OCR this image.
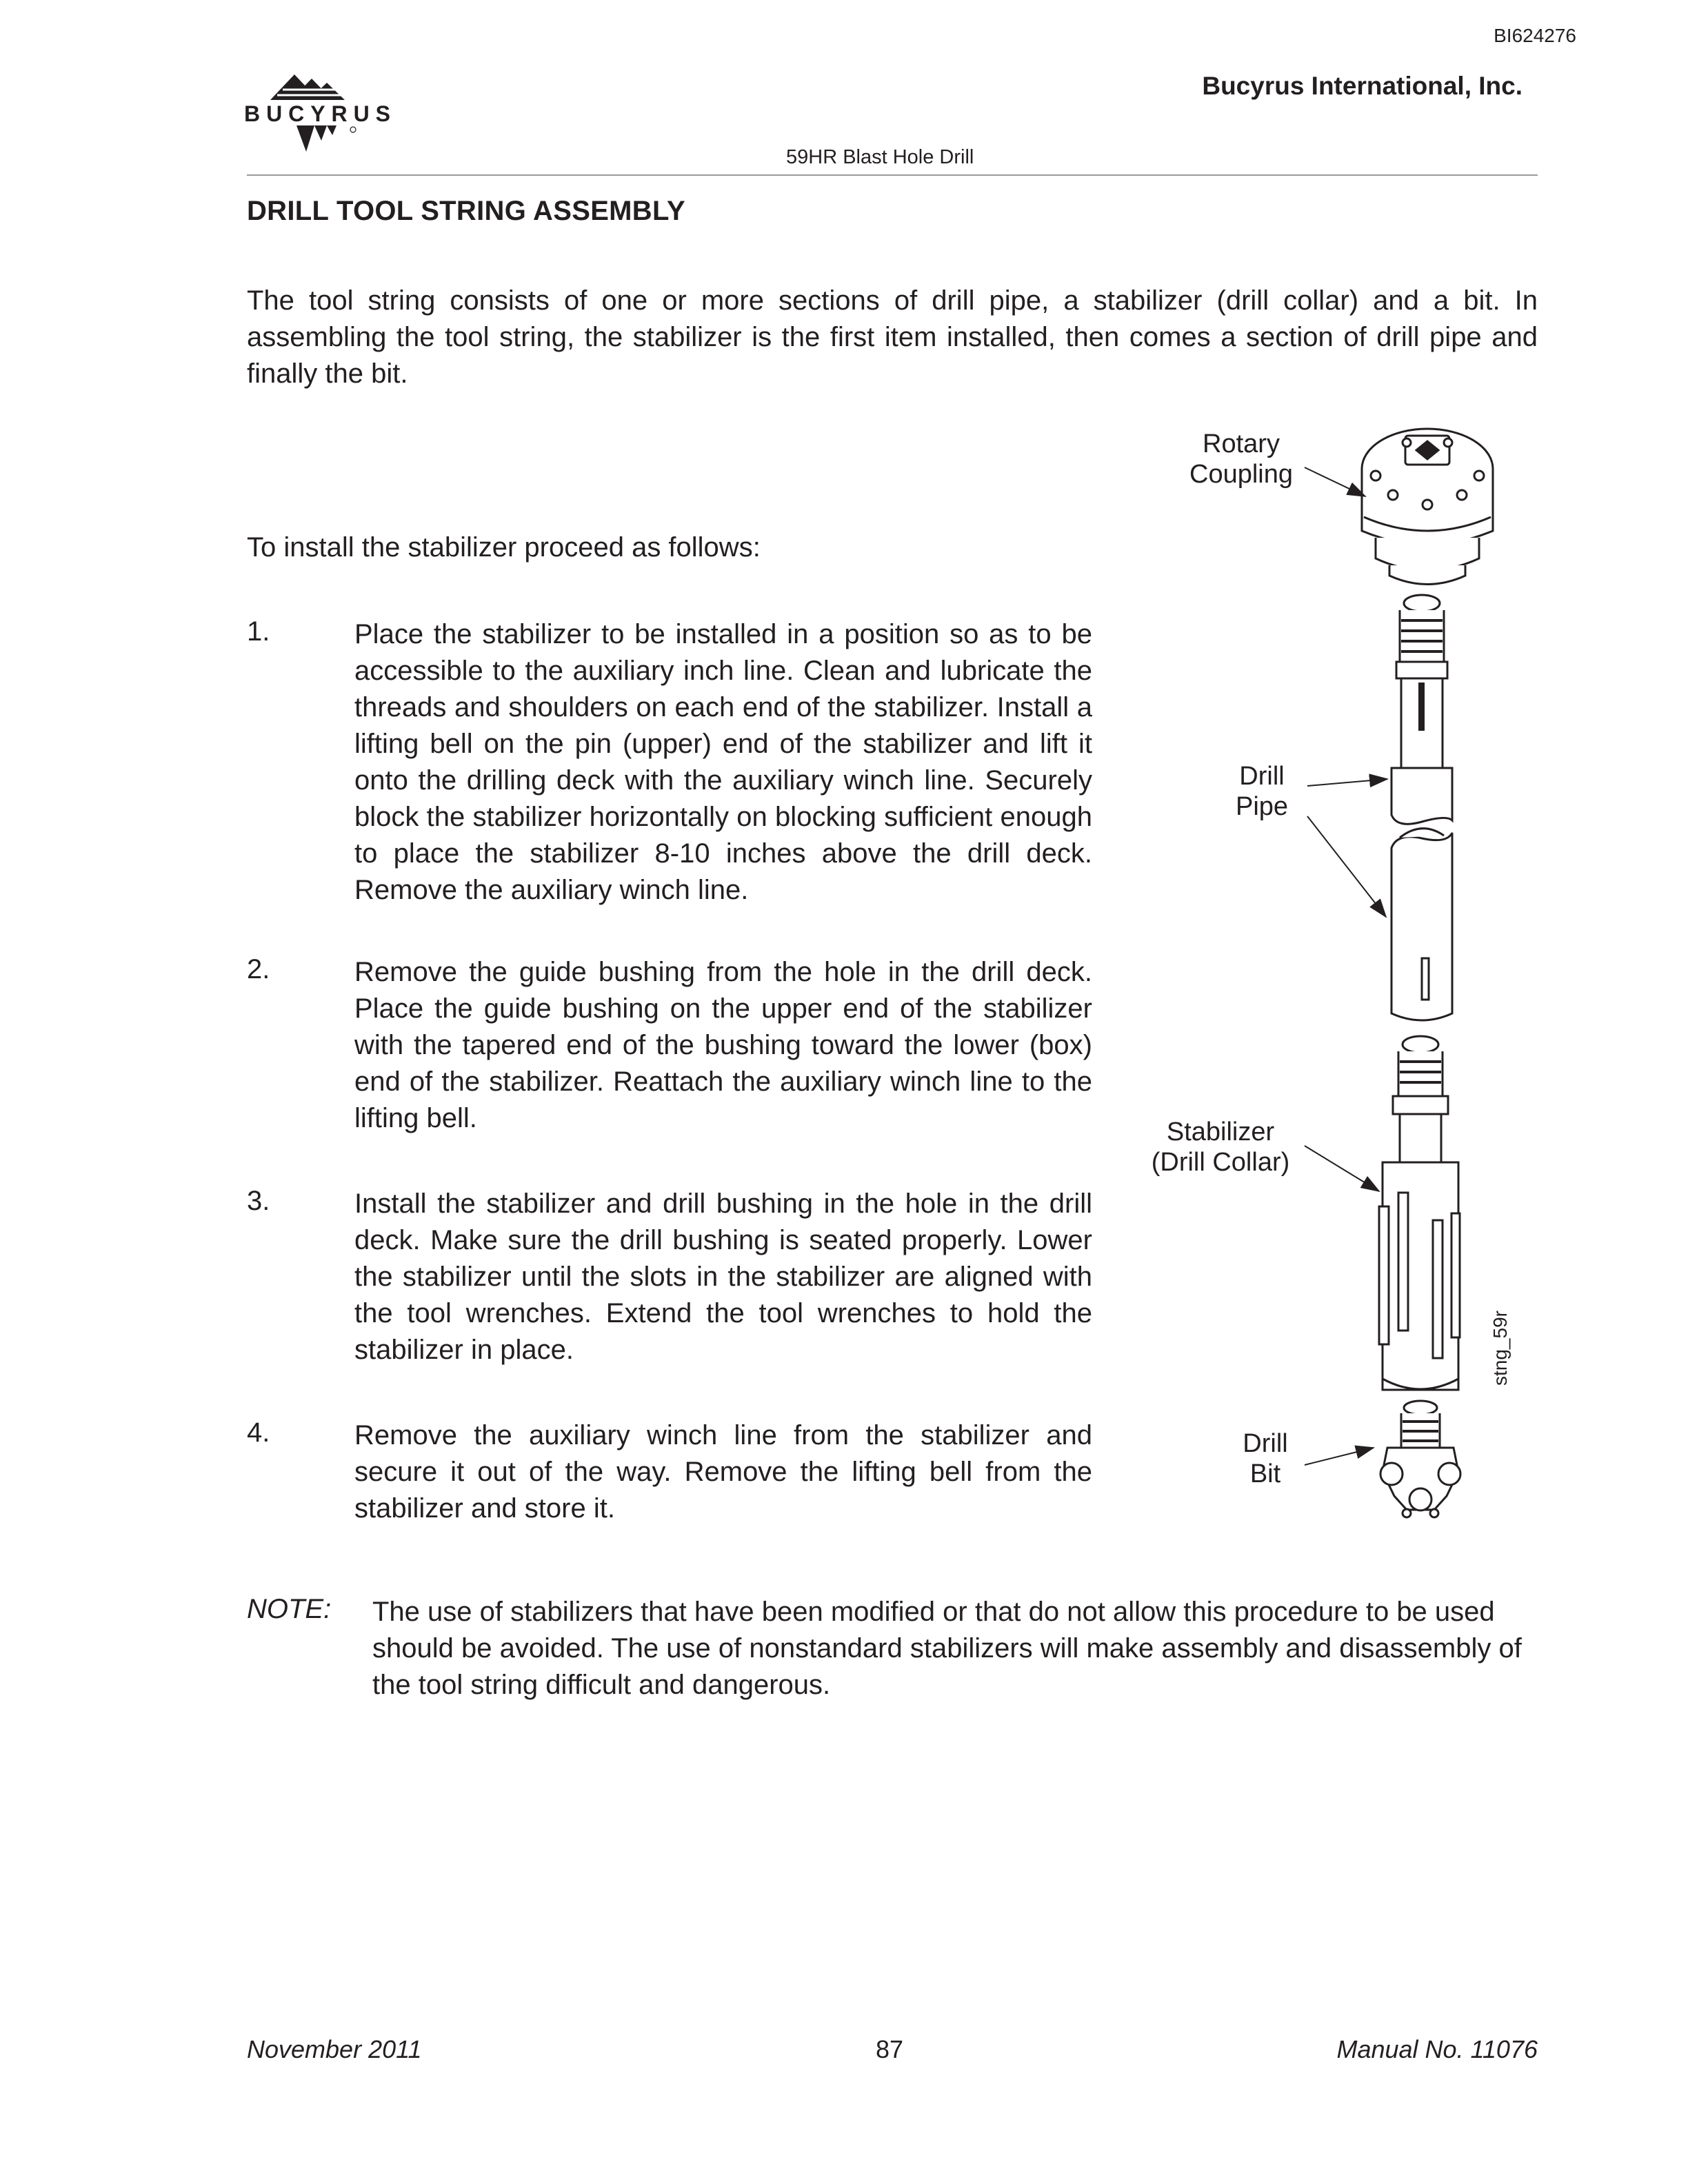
BI624276
Bucyrus International, Inc.
BUCYRUS
59HR Blast Hole Drill
DRILL TOOL STRING ASSEMBLY
The tool string consists of one or more sections of drill pipe, a stabilizer (drill collar) and a bit. In assembling the tool string, the stabilizer is the first item installed, then comes a section of drill pipe and finally the bit.
To install the stabilizer proceed as follows:
1.	Place the stabilizer to be installed in a position so as to be accessible to the auxiliary inch line. Clean and lubricate the threads and shoulders on each end of the stabilizer. Install a lifting bell on the pin (upper) end of the stabilizer and lift it onto the drilling deck with the auxiliary winch line. Securely block the stabilizer horizontally on blocking sufficient enough to place the stabilizer 8-10 inches above the drill deck. Remove the auxiliary winch line.
2.	Remove the guide bushing from the hole in the drill deck. Place the guide bushing on the upper end of the stabilizer with the tapered end of the bushing toward the lower (box) end of the stabilizer. Reattach the auxiliary winch line to the lifting bell.
3.	Install the stabilizer and drill bushing in the hole in the drill deck. Make sure the drill bushing is seated properly. Lower the stabilizer until the slots in the stabilizer are aligned with the tool wrenches. Extend the tool wrenches to hold the stabilizer in place.
4.	Remove the auxiliary winch line from the stabilizer and secure it out of the way. Remove the lifting bell from the stabilizer and store it.
NOTE: The use of stabilizers that have been modified or that do not allow this procedure to be used should be avoided. The use of nonstandard stabilizers will make assembly and disassembly of the tool string difficult and dangerous.
Rotary
Coupling
Drill
Pipe
Stabilizer
(Drill Collar)
Drill
Bit
stng_59r
November 2011	87	Manual No. 11076
